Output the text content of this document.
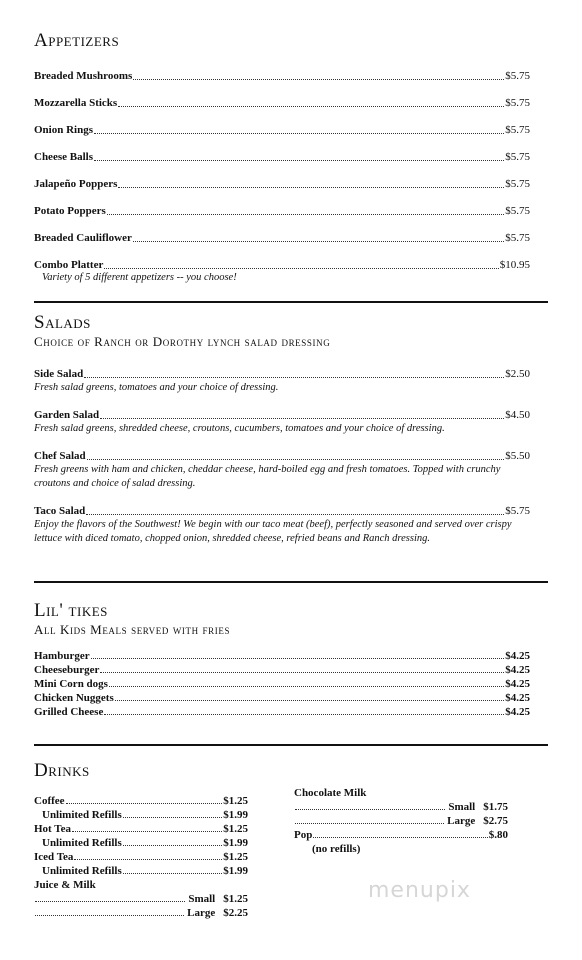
Appetizers
Breaded Mushrooms	$5.75
Mozzarella Sticks	$5.75
Onion Rings	$5.75
Cheese Balls	$5.75
Jalapeño Poppers	$5.75
Potato Poppers	$5.75
Breaded Cauliflower	$5.75
Combo Platter	$10.95
Variety of 5 different appetizers -- you choose!
Salads
Choice of Ranch or Dorothy lynch salad dressing
Side Salad	$2.50
Fresh salad greens, tomatoes and your choice of dressing.
Garden Salad	$4.50
Fresh salad greens, shredded cheese, croutons, cucumbers, tomatoes and your choice of dressing.
Chef Salad	$5.50
Fresh greens with ham and chicken, cheddar cheese, hard-boiled egg and fresh tomatoes. Topped with crunchy croutons and choice of salad dressing.
Taco Salad	$5.75
Enjoy the flavors of the Southwest! We begin with our taco meat (beef), perfectly seasoned and served over crispy lettuce with diced tomato, chopped onion, shredded cheese, refried beans and Ranch dressing.
Lil' tikes
All Kids Meals served with fries
Hamburger	$4.25
Cheeseburger	$4.25
Mini Corn dogs	$4.25
Chicken Nuggets	$4.25
Grilled Cheese	$4.25
Drinks
Coffee	$1.25
Unlimited Refills	$1.99
Hot Tea	$1.25
Unlimited Refills	$1.99
Iced Tea	$1.25
Unlimited Refills	$1.99
Juice & Milk
Small $1.25
Large $2.25
Chocolate Milk
Small $1.75
Large $2.75
Pop	$.80
(no refills)
menupix
